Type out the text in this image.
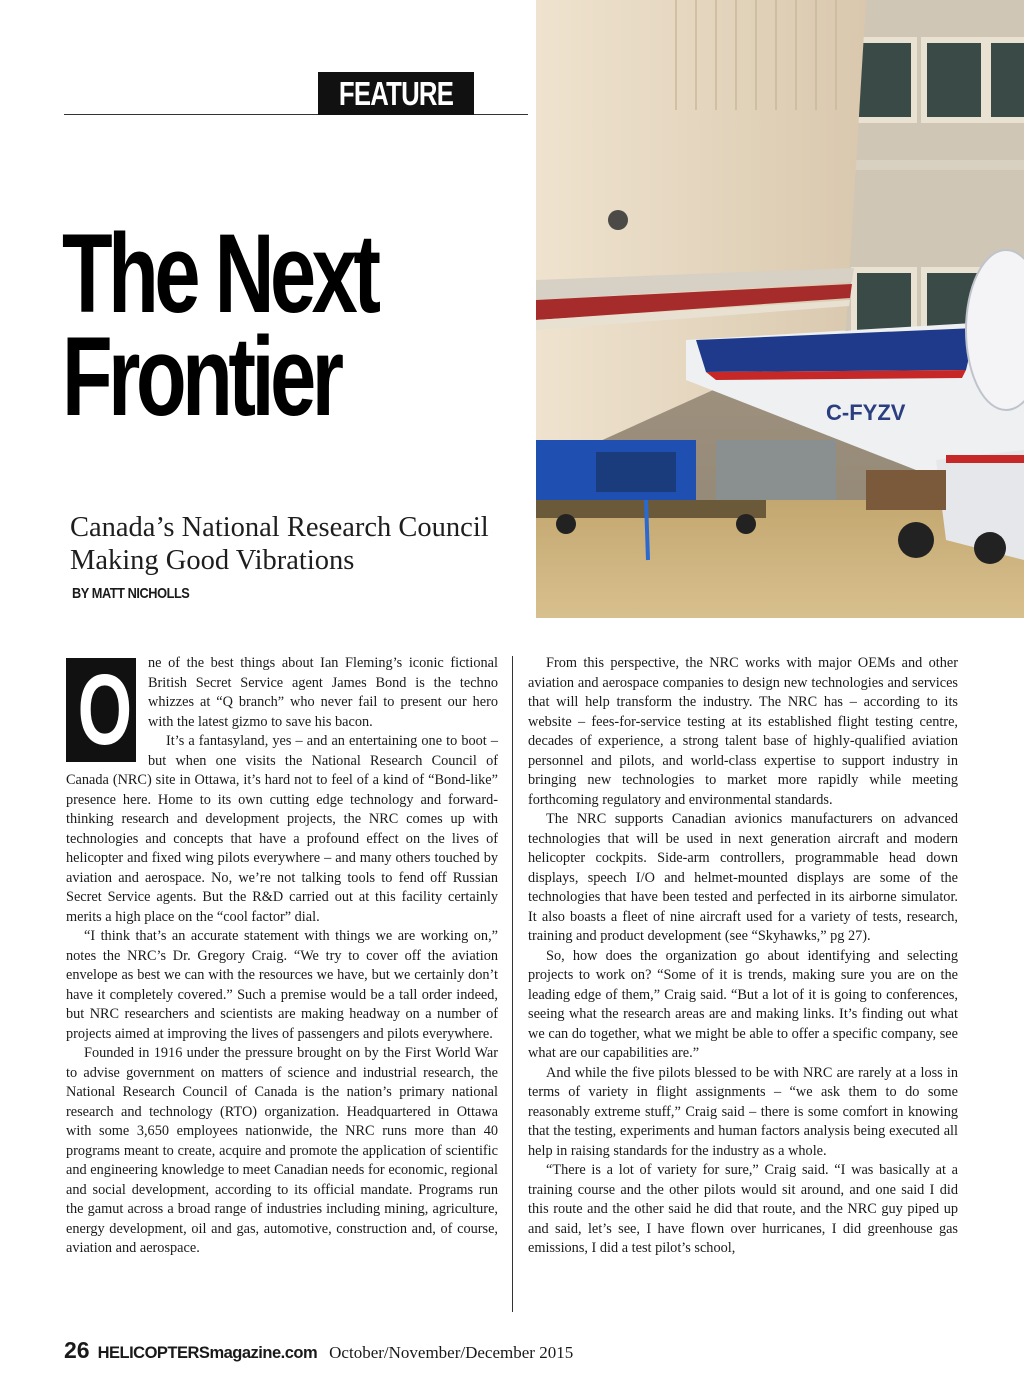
FEATURE
The Next
Frontier
Canada’s National Research Council Making Good Vibrations
BY MATT NICHOLLS
C-FYZV
O	ne of the best things about Ian Fleming’s iconic fictional British Secret Service agent James Bond is the techno whizzes at “Q branch” who never fail to present our hero with the latest gizmo to save his bacon.

It’s a fantasyland, yes – and an entertaining one to boot – but when one visits the National Research Council of Canada (NRC) site in Ottawa, it’s hard not to feel of a kind of “Bond-like” presence here. Home to its own cutting edge technology and forward-thinking research and development projects, the NRC comes up with technologies and concepts that have a profound effect on the lives of helicopter and fixed wing pilots everywhere – and many others touched by aviation and aerospace. No, we’re not talking tools to fend off Russian Secret Service agents. But the R&D carried out at this facility certainly merits a high place on the “cool factor” dial.

“I think that’s an accurate statement with things we are working on,” notes the NRC’s Dr. Gregory Craig. “We try to cover off the aviation envelope as best we can with the resources we have, but we certainly don’t have it completely covered.” Such a premise would be a tall order indeed, but NRC researchers and scientists are making headway on a number of projects aimed at improving the lives of passengers and pilots everywhere.

Founded in 1916 under the pressure brought on by the First World War to advise government on matters of science and industrial research, the National Research Council of Canada is the nation’s primary national research and technology (RTO) organization. Headquartered in Ottawa with some 3,650 employees nationwide, the NRC runs more than 40 programs meant to create, acquire and promote the application of scientific and engineering knowledge to meet Canadian needs for economic, regional and social development, according to its official mandate. Programs run the gamut across a broad range of industries including mining, agriculture, energy development, oil and gas, automotive, construction and, of course, aviation and aerospace.

From this perspective, the NRC works with major OEMs and other aviation and aerospace companies to design new technologies and services that will help transform the industry. The NRC has – according to its website – fees-for-service testing at its established flight testing centre, decades of experience, a strong talent base of highly-qualified aviation personnel and pilots, and world-class expertise to support industry in bringing new technologies to market more rapidly while meeting forthcoming regulatory and environmental standards.

The NRC supports Canadian avionics manufacturers on advanced technologies that will be used in next generation aircraft and modern helicopter cockpits. Side-arm controllers, programmable head down displays, speech I/O and helmet-mounted displays are some of the technologies that have been tested and perfected in its airborne simulator. It also boasts a fleet of nine aircraft used for a variety of tests, research, training and product development (see “Skyhawks,” pg 27).

So, how does the organization go about identifying and selecting projects to work on? “Some of it is trends, making sure you are on the leading edge of them,” Craig said. “But a lot of it is going to conferences, seeing what the research areas are and making links. It’s finding out what we can do together, what we might be able to offer a specific company, see what are our capabilities are.”

And while the five pilots blessed to be with NRC are rarely at a loss in terms of variety in flight assignments – “we ask them to do some reasonably extreme stuff,” Craig said – there is some comfort in knowing that the testing, experiments and human factors analysis being executed all help in raising standards for the industry as a whole.

“There is a lot of variety for sure,” Craig said. “I was basically at a training course and the other pilots would sit around, and one said I did this route and the other said he did that route, and the NRC guy piped up and said, let’s see, I have flown over hurricanes, I did greenhouse gas emissions, I did a test pilot’s school,

26 HELICOPTERSmagazine.com October/November/December 2015
